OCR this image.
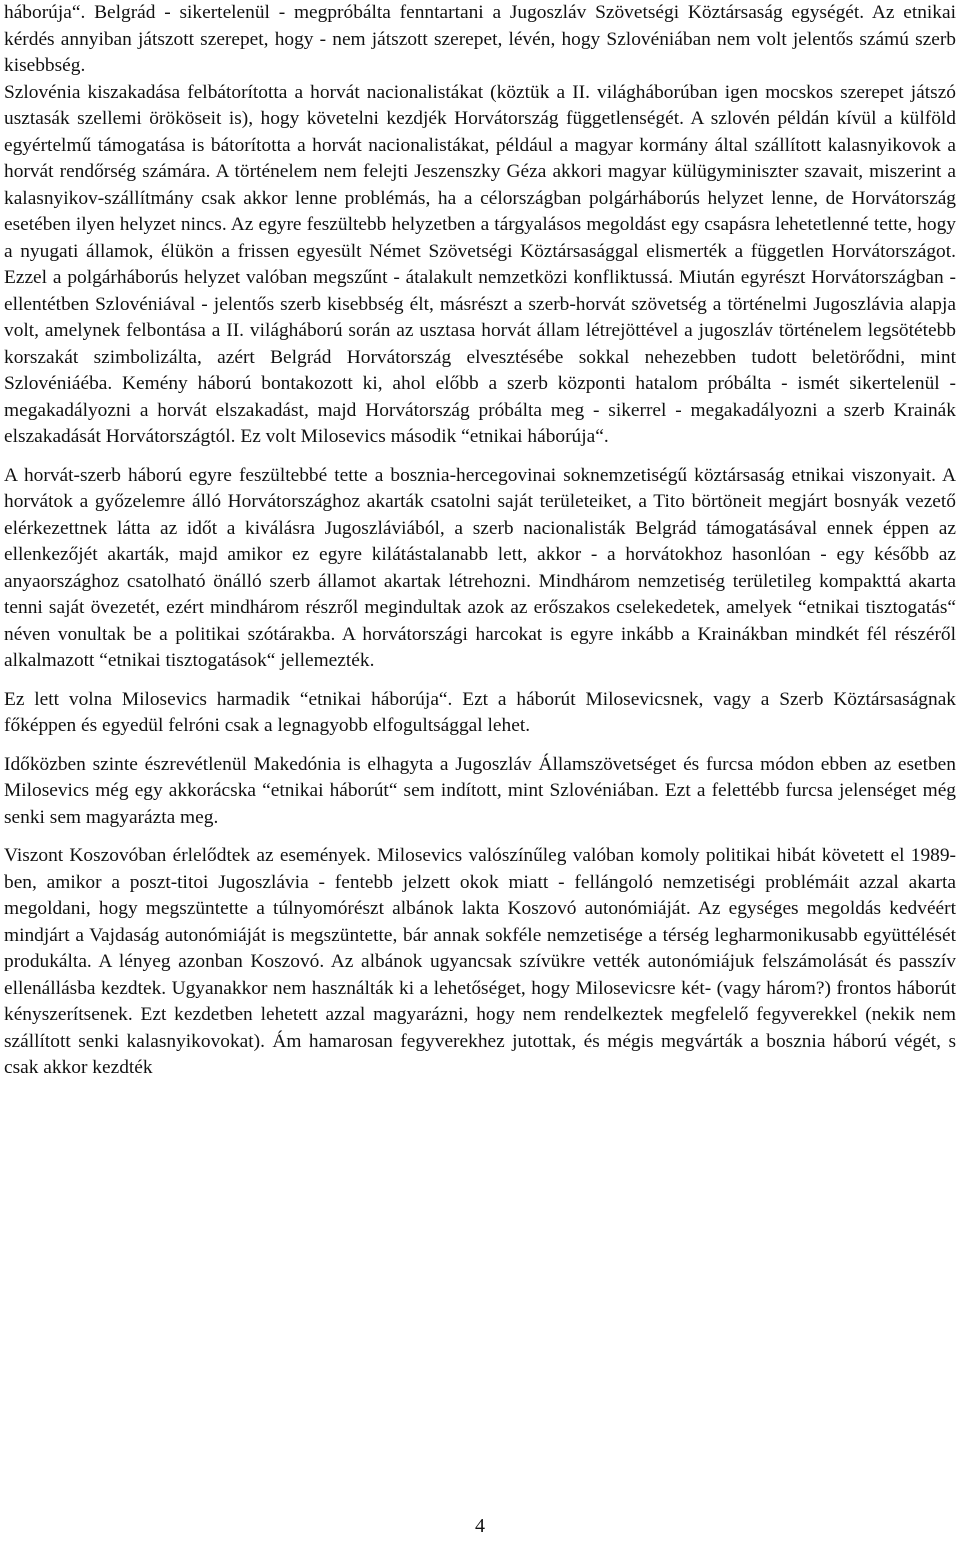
háborúja“. Belgrád - sikertelenül - megpróbálta fenntartani a Jugoszláv Szövetségi Köztársaság egységét. Az etnikai kérdés annyiban játszott szerepet, hogy - nem játszott szerepet, lévén, hogy Szlovéniában nem volt jelentős számú szerb kisebbség.

Szlovénia kiszakadása felbátorította a horvát nacionalistákat (köztük a II. világháborúban igen mocskos szerepet játszó usztasák szellemi örököseit is), hogy követelni kezdjék Horvátország függetlenségét. A szlovén példán kívül a külföld egyértelmű támogatása is bátorította a horvát nacionalistákat, például a magyar kormány által szállított kalasnyikovok a horvát rendőrség számára. A történelem nem felejti Jeszenszky Géza akkori magyar külügyminiszter szavait, miszerint a kalasnyikov-szállítmány csak akkor lenne problémás, ha a célországban polgárháborús helyzet lenne, de Horvátország esetében ilyen helyzet nincs. Az egyre feszültebb helyzetben a tárgyalásos megoldást egy csapásra lehetetlenné tette, hogy a nyugati államok, élükön a frissen egyesült Német Szövetségi Köztársasággal elismerték a független Horvátországot. Ezzel a polgárháborús helyzet valóban megszűnt - átalakult nemzetközi konfliktussá. Miután egyrészt Horvátországban - ellentétben Szlovéniával - jelentős szerb kisebbség élt, másrészt a szerb-horvát szövetség a történelmi Jugoszlávia alapja volt, amelynek felbontása a II. világháború során az usztasa horvát állam létrejöttével a jugoszláv történelem legsötétebb korszakát szimbolizálta, azért Belgrád Horvátország elvesztésébe sokkal nehezebben tudott beletörődni, mint Szlovéniáéba. Kemény háború bontakozott ki, ahol előbb a szerb központi hatalom próbálta - ismét sikertelenül - megakadályozni a horvát elszakadást, majd Horvátország próbálta meg - sikerrel - megakadályozni a szerb Krainák elszakadását Horvátországtól. Ez volt Milosevics második “etnikai háborúja“.

A horvát-szerb háború egyre feszültebbé tette a bosznia-hercegovinai soknemzetiségű köztársaság etnikai viszonyait. A horvátok a győzelemre álló Horvátországhoz akarták csatolni saját területeiket, a Tito börtöneit megjárt bosnyák vezető elérkezettnek látta az időt a kiválásra Jugoszláviából, a szerb nacionalisták Belgrád támogatásával ennek éppen az ellenkezőjét akarták, majd amikor ez egyre kilátástalanabb lett, akkor - a horvátokhoz hasonlóan - egy később az anyaországhoz csatolható önálló szerb államot akartak létrehozni. Mindhárom nemzetiség területileg kompakttá akarta tenni saját övezetét, ezért mindhárom részről megindultak azok az erőszakos cselekedetek, amelyek “etnikai tisztogatás“ néven vonultak be a politikai szótárakba. A horvátországi harcokat is egyre inkább a Krainákban mindkét fél részéről alkalmazott “etnikai tisztogatások“ jellemezték.

Ez lett volna Milosevics harmadik “etnikai háborúja“. Ezt a háborút Milosevicsnek, vagy a Szerb Köztársaságnak főképpen és egyedül felróni csak a legnagyobb elfogultsággal lehet.

Időközben szinte észrevétlenül Makedónia is elhagyta a Jugoszláv Államszövetséget és furcsa módon ebben az esetben Milosevics még egy akkorácska “etnikai háborút“ sem indított, mint Szlovéniában. Ezt a felettébb furcsa jelenséget még senki sem magyarázta meg.

Viszont Koszovóban érlelődtek az események. Milosevics valószínűleg valóban komoly politikai hibát követett el 1989-ben, amikor a poszt-titoi Jugoszlávia - fentebb jelzett okok miatt - fellángoló nemzetiségi problémáit azzal akarta megoldani, hogy megszüntette a túlnyomórészt albánok lakta Koszovó autonómiáját. Az egységes megoldás kedvéért mindjárt a Vajdaság autonómiáját is megszüntette, bár annak sokféle nemzetisége a térség legharmonikusabb együttélését produkálta. A lényeg azonban Koszovó. Az albánok ugyancsak szívükre vették autonómiájuk felszámolását és passzív ellenállásba kezdtek. Ugyanakkor nem használták ki a lehetőséget, hogy Milosevicsre két- (vagy három?) frontos háborút kényszerítsenek. Ezt kezdetben lehetett azzal magyarázni, hogy nem rendelkeztek megfelelő fegyverekkel (nekik nem szállított senki kalasnyikovokat). Ám hamarosan fegyverekhez jutottak, és mégis megvárták a bosznia háború végét, s csak akkor kezdték

4
